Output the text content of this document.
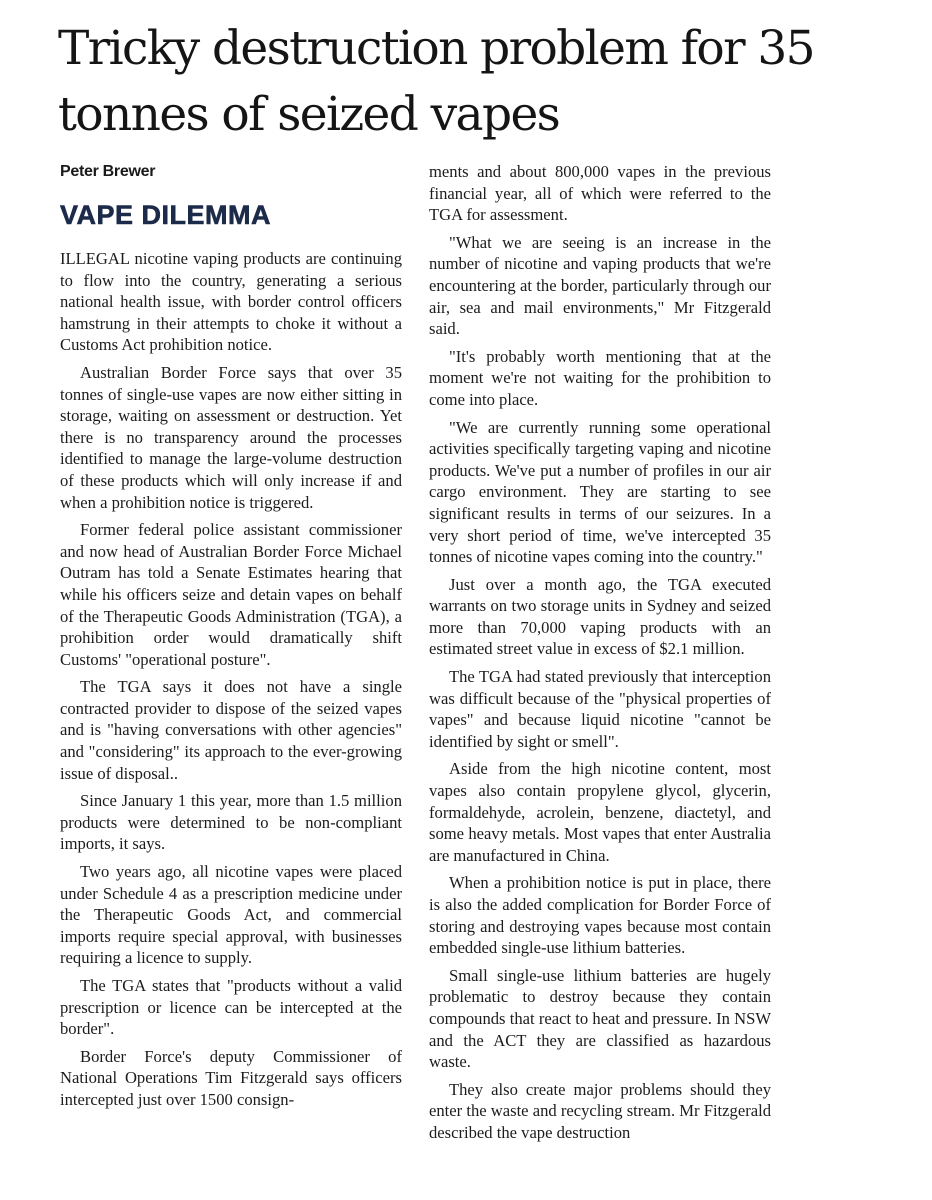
Tricky destruction problem for 35 tonnes of seized vapes
Peter Brewer
VAPE DILEMMA

ILLEGAL nicotine vaping products are continuing to flow into the country, generating a serious national health issue, with border control officers hamstrung in their attempts to choke it without a Customs Act prohibition notice.

Australian Border Force says that over 35 tonnes of single-use vapes are now either sitting in storage, waiting on assessment or destruction. Yet there is no transparency around the processes identified to manage the large-volume destruction of these products which will only increase if and when a prohibition notice is triggered.

Former federal police assistant commissioner and now head of Australian Border Force Michael Outram has told a Senate Estimates hearing that while his officers seize and detain vapes on behalf of the Therapeutic Goods Administration (TGA), a prohibition order would dramatically shift Customs' "operational posture".

The TGA says it does not have a single contracted provider to dispose of the seized vapes and is "having conversations with other agencies" and "considering" its approach to the ever-growing issue of disposal..

Since January 1 this year, more than 1.5 million products were determined to be non-compliant imports, it says.

Two years ago, all nicotine vapes were placed under Schedule 4 as a prescription medicine under the Therapeutic Goods Act, and commercial imports require special approval, with businesses requiring a licence to supply.

The TGA states that "products without a valid prescription or licence can be intercepted at the border".

Border Force's deputy Commissioner of National Operations Tim Fitzgerald says officers intercepted just over 1500 consign-

ments and about 800,000 vapes in the previous financial year, all of which were referred to the TGA for assessment.

"What we are seeing is an increase in the number of nicotine and vaping products that we're encountering at the border, particularly through our air, sea and mail environments," Mr Fitzgerald said.

"It's probably worth mentioning that at the moment we're not waiting for the prohibition to come into place.

"We are currently running some operational activities specifically targeting vaping and nicotine products. We've put a number of profiles in our air cargo environment. They are starting to see significant results in terms of our seizures. In a very short period of time, we've intercepted 35 tonnes of nicotine vapes coming into the country."

Just over a month ago, the TGA executed warrants on two storage units in Sydney and seized more than 70,000 vaping products with an estimated street value in excess of $2.1 million.

The TGA had stated previously that interception was difficult because of the "physical properties of vapes" and because liquid nicotine "cannot be identified by sight or smell".

Aside from the high nicotine content, most vapes also contain propylene glycol, glycerin, formaldehyde, acrolein, benzene, diactetyl, and some heavy metals. Most vapes that enter Australia are manufactured in China.

When a prohibition notice is put in place, there is also the added complication for Border Force of storing and destroying vapes because most contain embedded single-use lithium batteries.

Small single-use lithium batteries are hugely problematic to destroy because they contain compounds that react to heat and pressure. In NSW and the ACT they are classified as hazardous waste.

They also create major problems should they enter the waste and recycling stream. Mr Fitzgerald described the vape destruction
